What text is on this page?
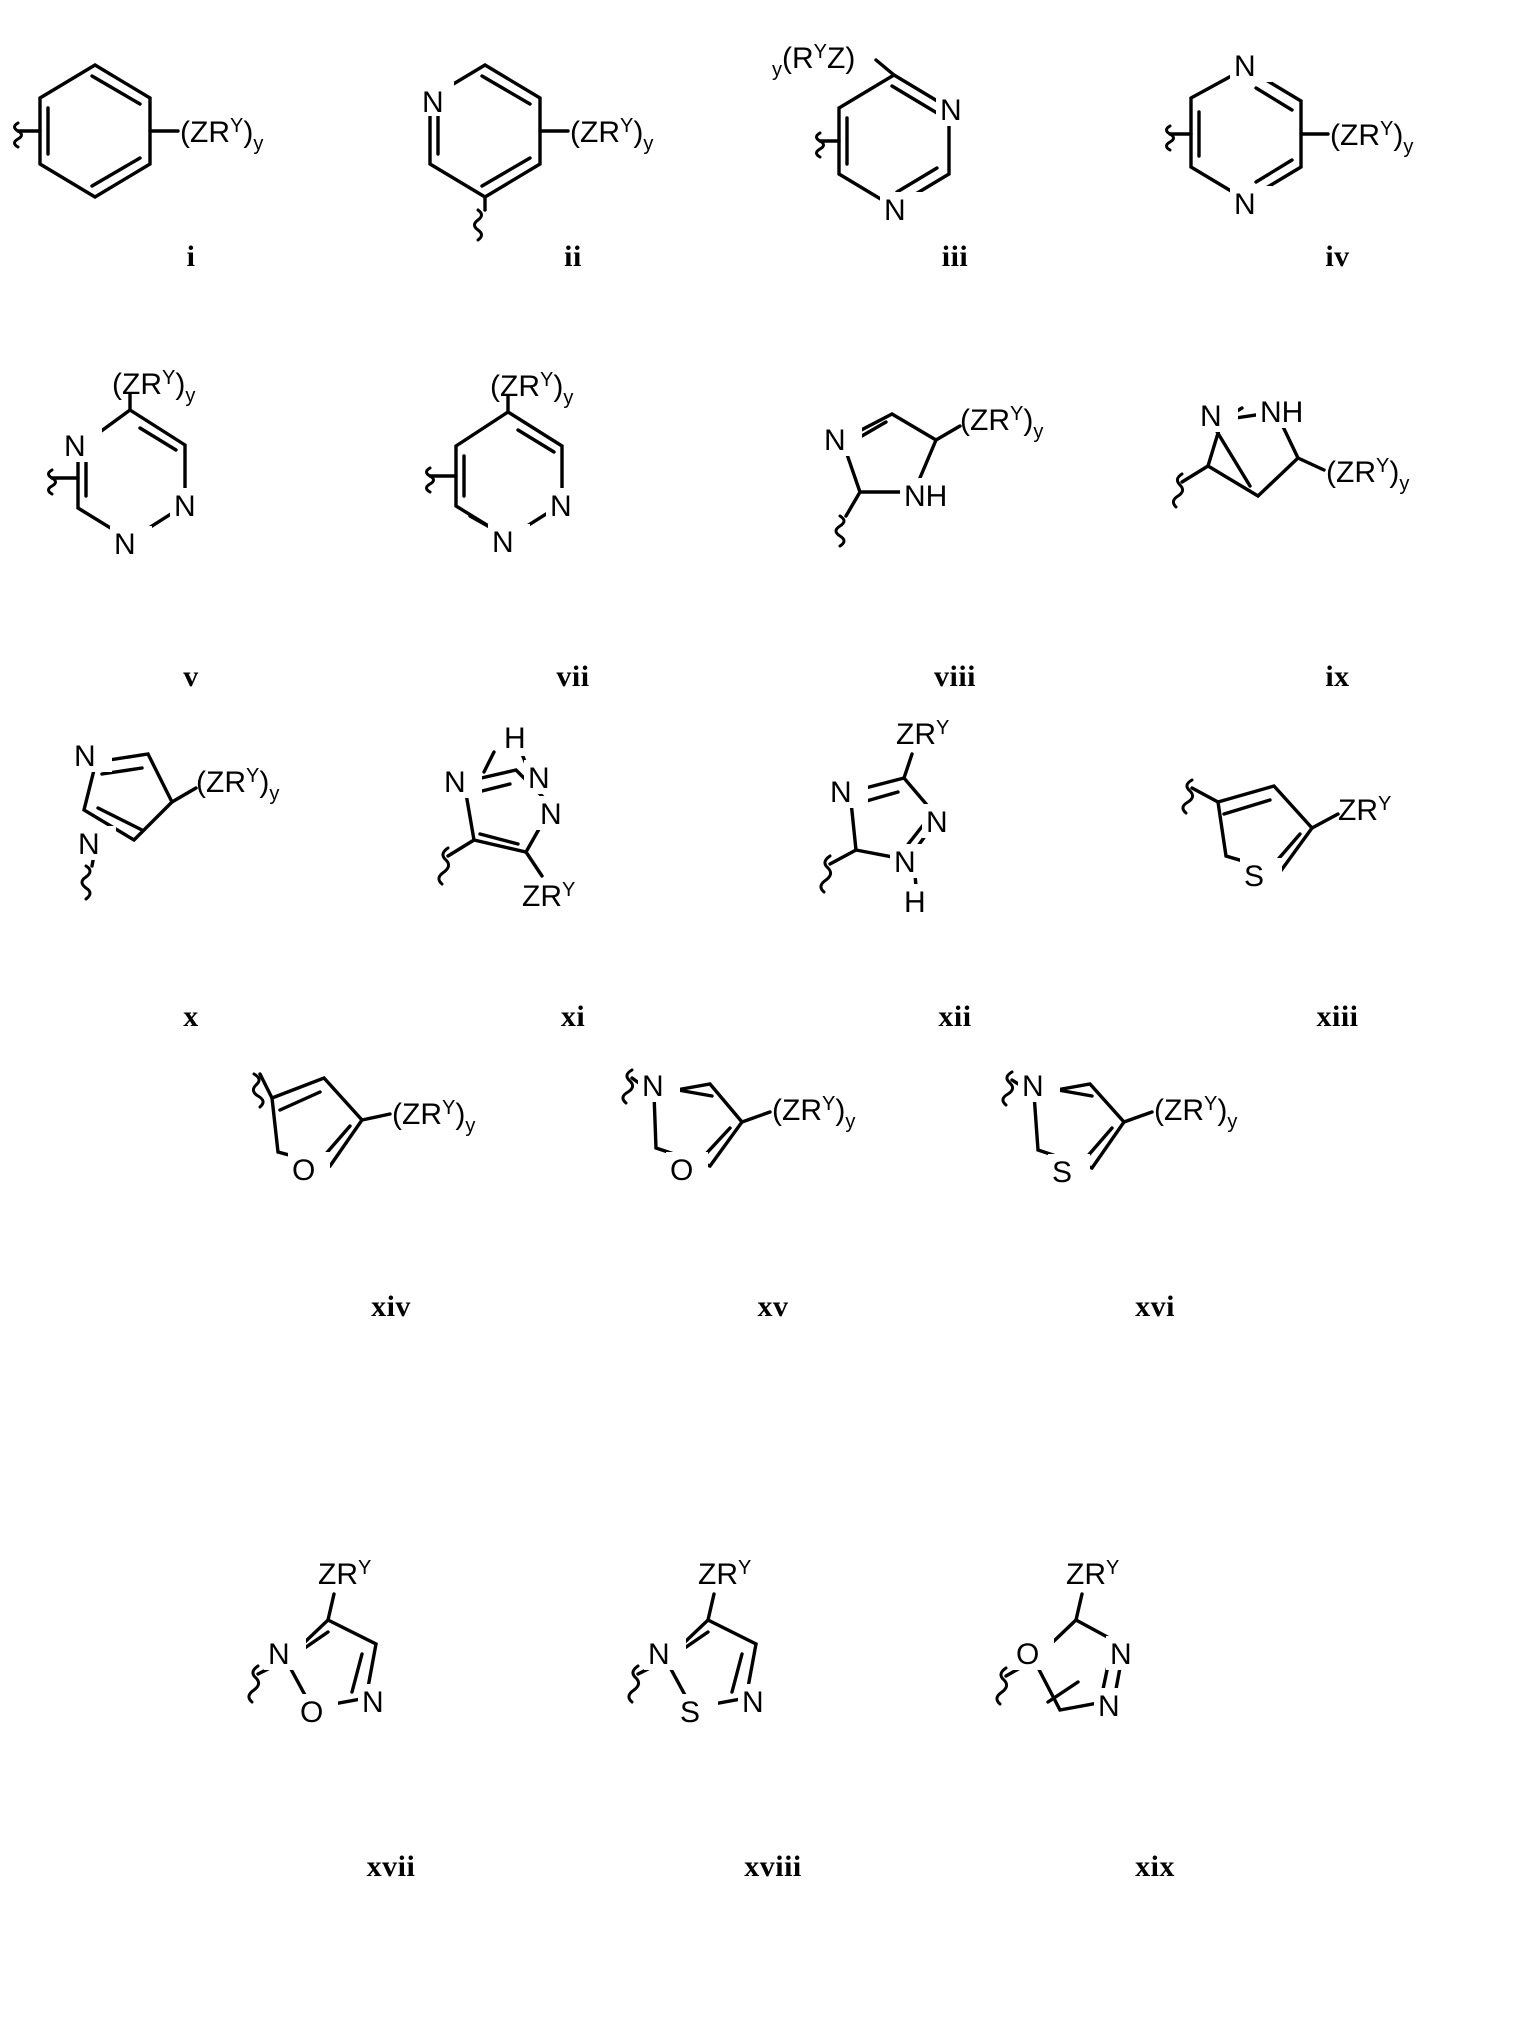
$(ZR^Y)_y$
i
N
$(ZR^Y)_y$
ii
N
N
$_y(R^YZ)$
iii
N
N
$(ZR^Y)_y$
iv
N
N
N
$(ZR^Y)_y$
v
N
N
$(ZR^Y)_y$
vii
N
NH
$(ZR^Y)_y$
viii
N NH
$(ZR^Y)_y$
ix
N
N
$(ZR^Y)_y$
x
N
H
N
N
$ZR^Y$
xi
N
N
N
H
$ZR^Y$
xii
S
$ZR^Y$
xiii
O
$(ZR^Y)_y$
xiv
N
O
$(ZR^Y)_y$
xv
N
S
$(ZR^Y)_y$
xvi
N
N
O
$ZR^Y$
xvii
N
N
S
$ZR^Y$
xviii
O N
N
$ZR^Y$
xix
